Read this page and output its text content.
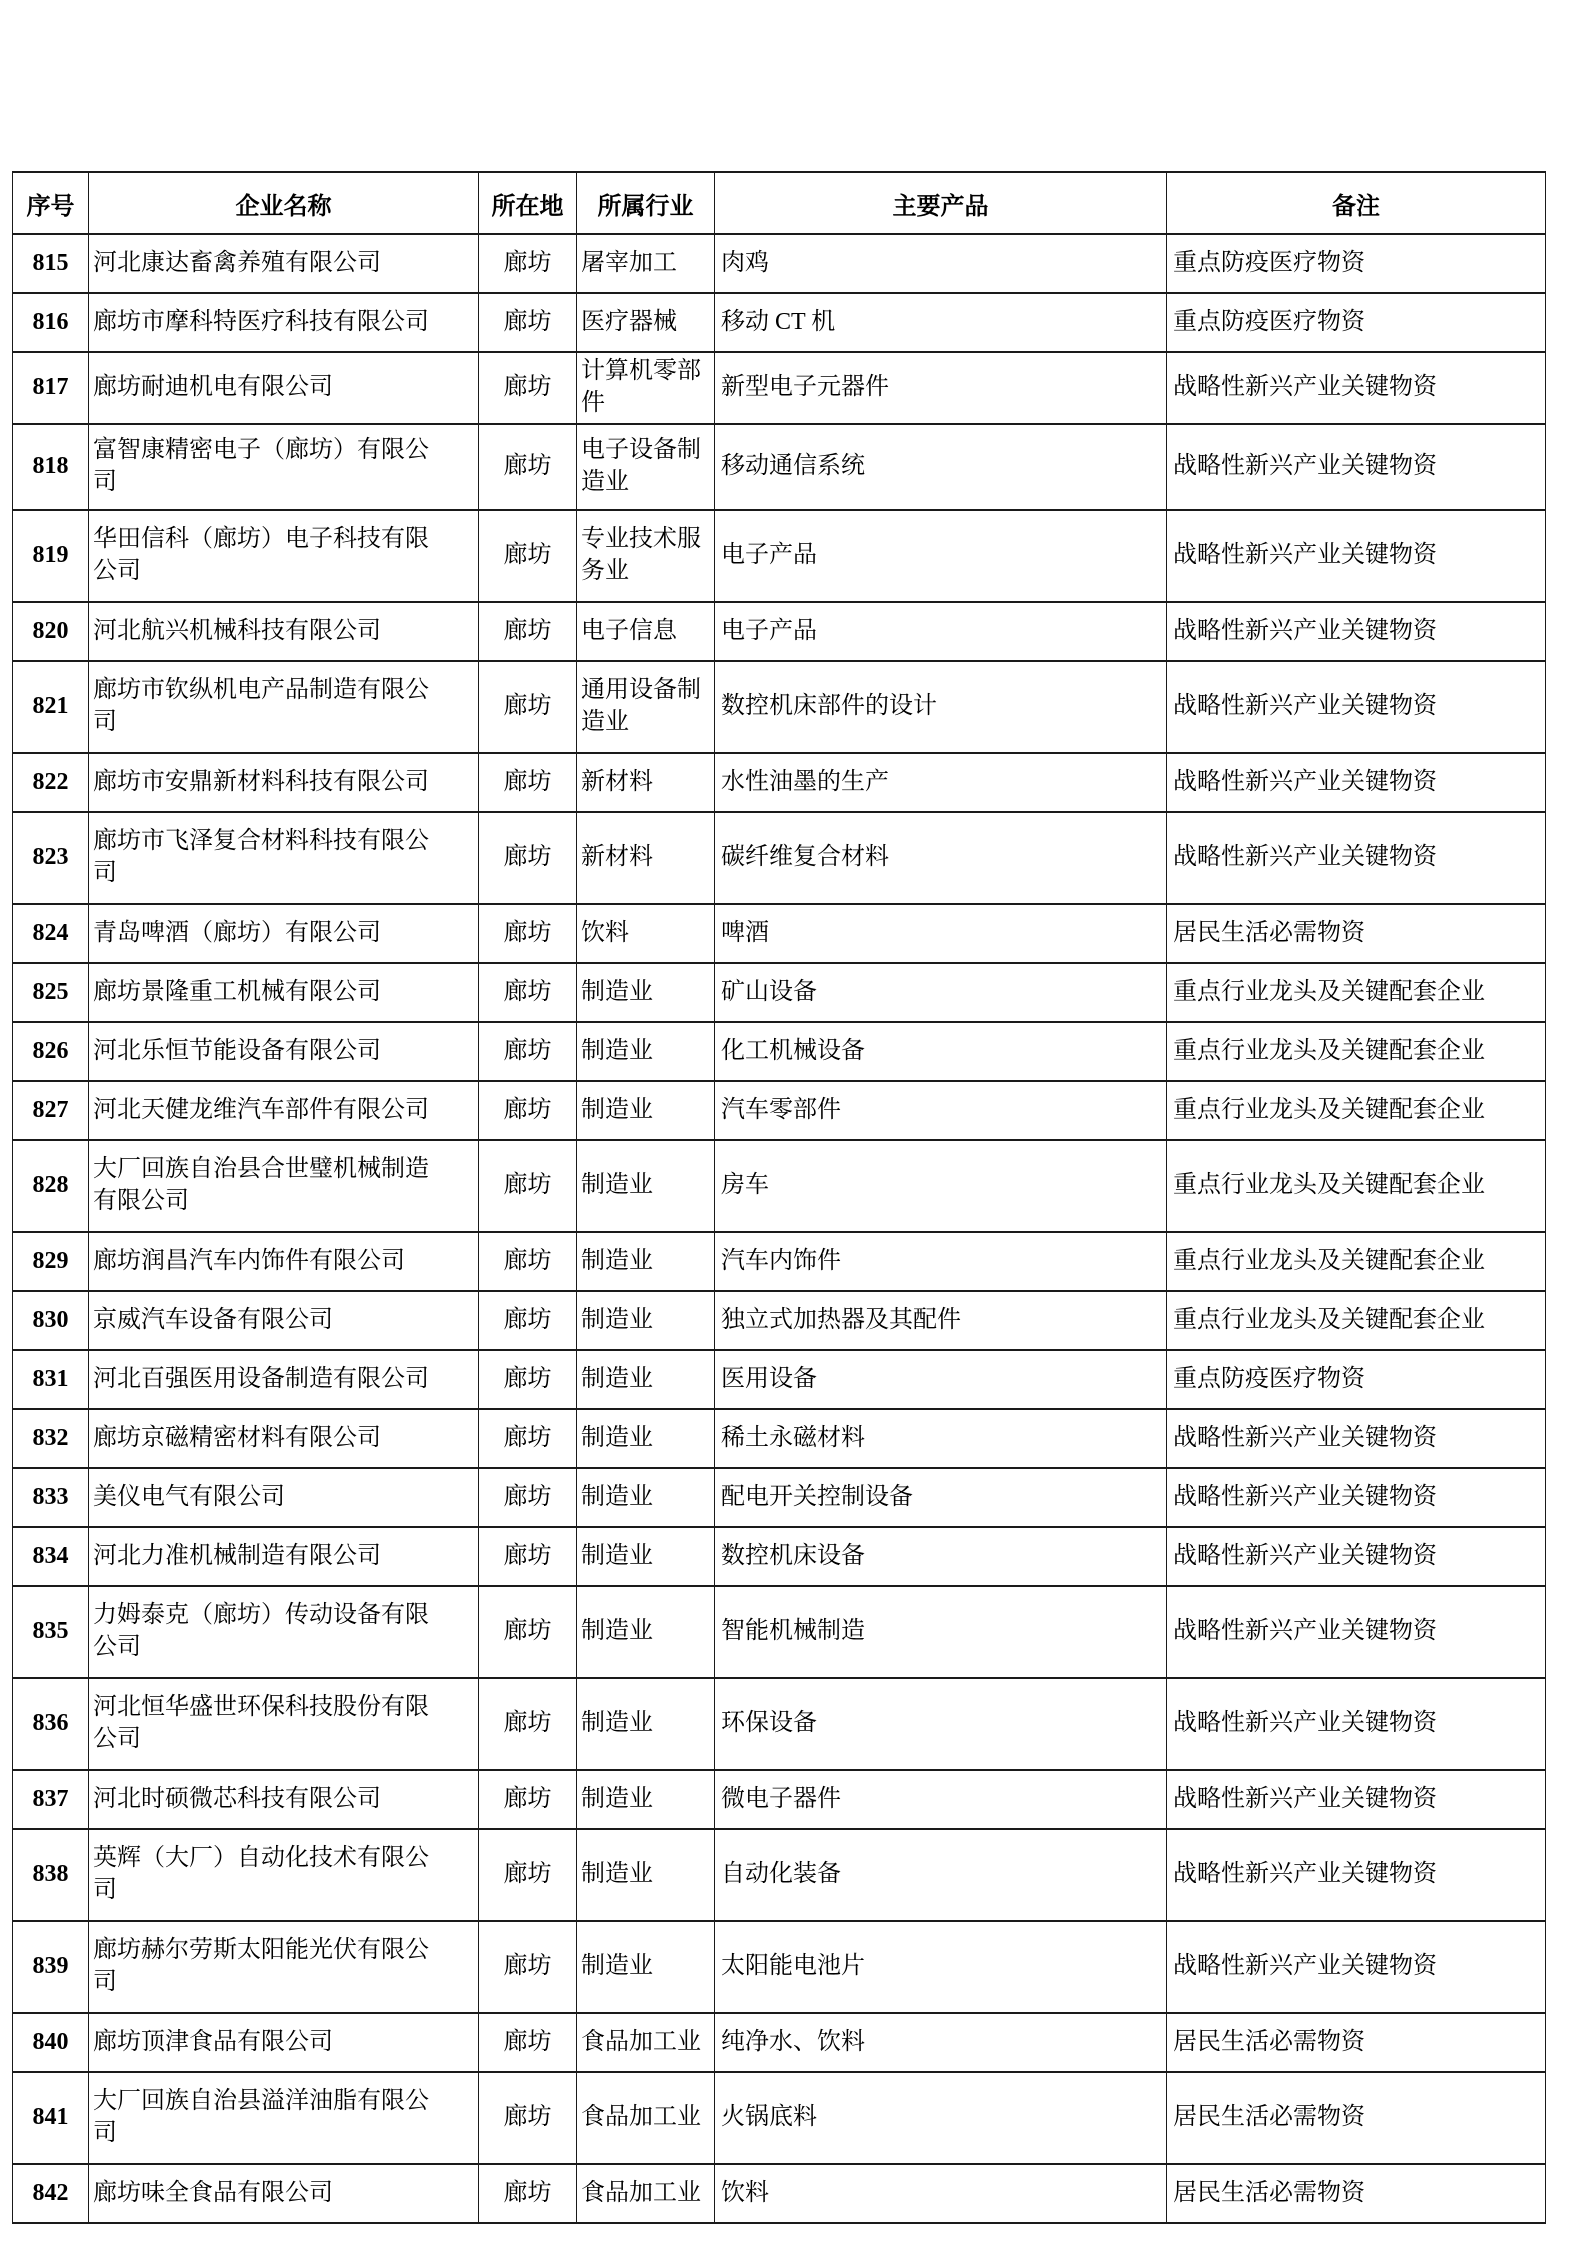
序号	企业名称	所在地	所属行业	主要产品	备注
815	河北康达畜禽养殖有限公司	廊坊	屠宰加工	肉鸡	重点防疫医疗物资
816	廊坊市摩科特医疗科技有限公司	廊坊	医疗器械	移动 CT 机	重点防疫医疗物资
817	廊坊耐迪机电有限公司	廊坊	计算机零部件	新型电子元器件	战略性新兴产业关键物资
818	富智康精密电子（廊坊）有限公司	廊坊	电子设备制造业	移动通信系统	战略性新兴产业关键物资
819	华田信科（廊坊）电子科技有限公司	廊坊	专业技术服务业	电子产品	战略性新兴产业关键物资
820	河北航兴机械科技有限公司	廊坊	电子信息	电子产品	战略性新兴产业关键物资
821	廊坊市钦纵机电产品制造有限公司	廊坊	通用设备制造业	数控机床部件的设计	战略性新兴产业关键物资
822	廊坊市安鼎新材料科技有限公司	廊坊	新材料	水性油墨的生产	战略性新兴产业关键物资
823	廊坊市飞泽复合材料科技有限公司	廊坊	新材料	碳纤维复合材料	战略性新兴产业关键物资
824	青岛啤酒（廊坊）有限公司	廊坊	饮料	啤酒	居民生活必需物资
825	廊坊景隆重工机械有限公司	廊坊	制造业	矿山设备	重点行业龙头及关键配套企业
826	河北乐恒节能设备有限公司	廊坊	制造业	化工机械设备	重点行业龙头及关键配套企业
827	河北天健龙维汽车部件有限公司	廊坊	制造业	汽车零部件	重点行业龙头及关键配套企业
828	大厂回族自治县合世璧机械制造有限公司	廊坊	制造业	房车	重点行业龙头及关键配套企业
829	廊坊润昌汽车内饰件有限公司	廊坊	制造业	汽车内饰件	重点行业龙头及关键配套企业
830	京威汽车设备有限公司	廊坊	制造业	独立式加热器及其配件	重点行业龙头及关键配套企业
831	河北百强医用设备制造有限公司	廊坊	制造业	医用设备	重点防疫医疗物资
832	廊坊京磁精密材料有限公司	廊坊	制造业	稀土永磁材料	战略性新兴产业关键物资
833	美仪电气有限公司	廊坊	制造业	配电开关控制设备	战略性新兴产业关键物资
834	河北力准机械制造有限公司	廊坊	制造业	数控机床设备	战略性新兴产业关键物资
835	力姆泰克（廊坊）传动设备有限公司	廊坊	制造业	智能机械制造	战略性新兴产业关键物资
836	河北恒华盛世环保科技股份有限公司	廊坊	制造业	环保设备	战略性新兴产业关键物资
837	河北时硕微芯科技有限公司	廊坊	制造业	微电子器件	战略性新兴产业关键物资
838	英辉（大厂）自动化技术有限公司	廊坊	制造业	自动化装备	战略性新兴产业关键物资
839	廊坊赫尔劳斯太阳能光伏有限公司	廊坊	制造业	太阳能电池片	战略性新兴产业关键物资
840	廊坊顶津食品有限公司	廊坊	食品加工业	纯净水、饮料	居民生活必需物资
841	大厂回族自治县溢洋油脂有限公司	廊坊	食品加工业	火锅底料	居民生活必需物资
842	廊坊味全食品有限公司	廊坊	食品加工业	饮料	居民生活必需物资
